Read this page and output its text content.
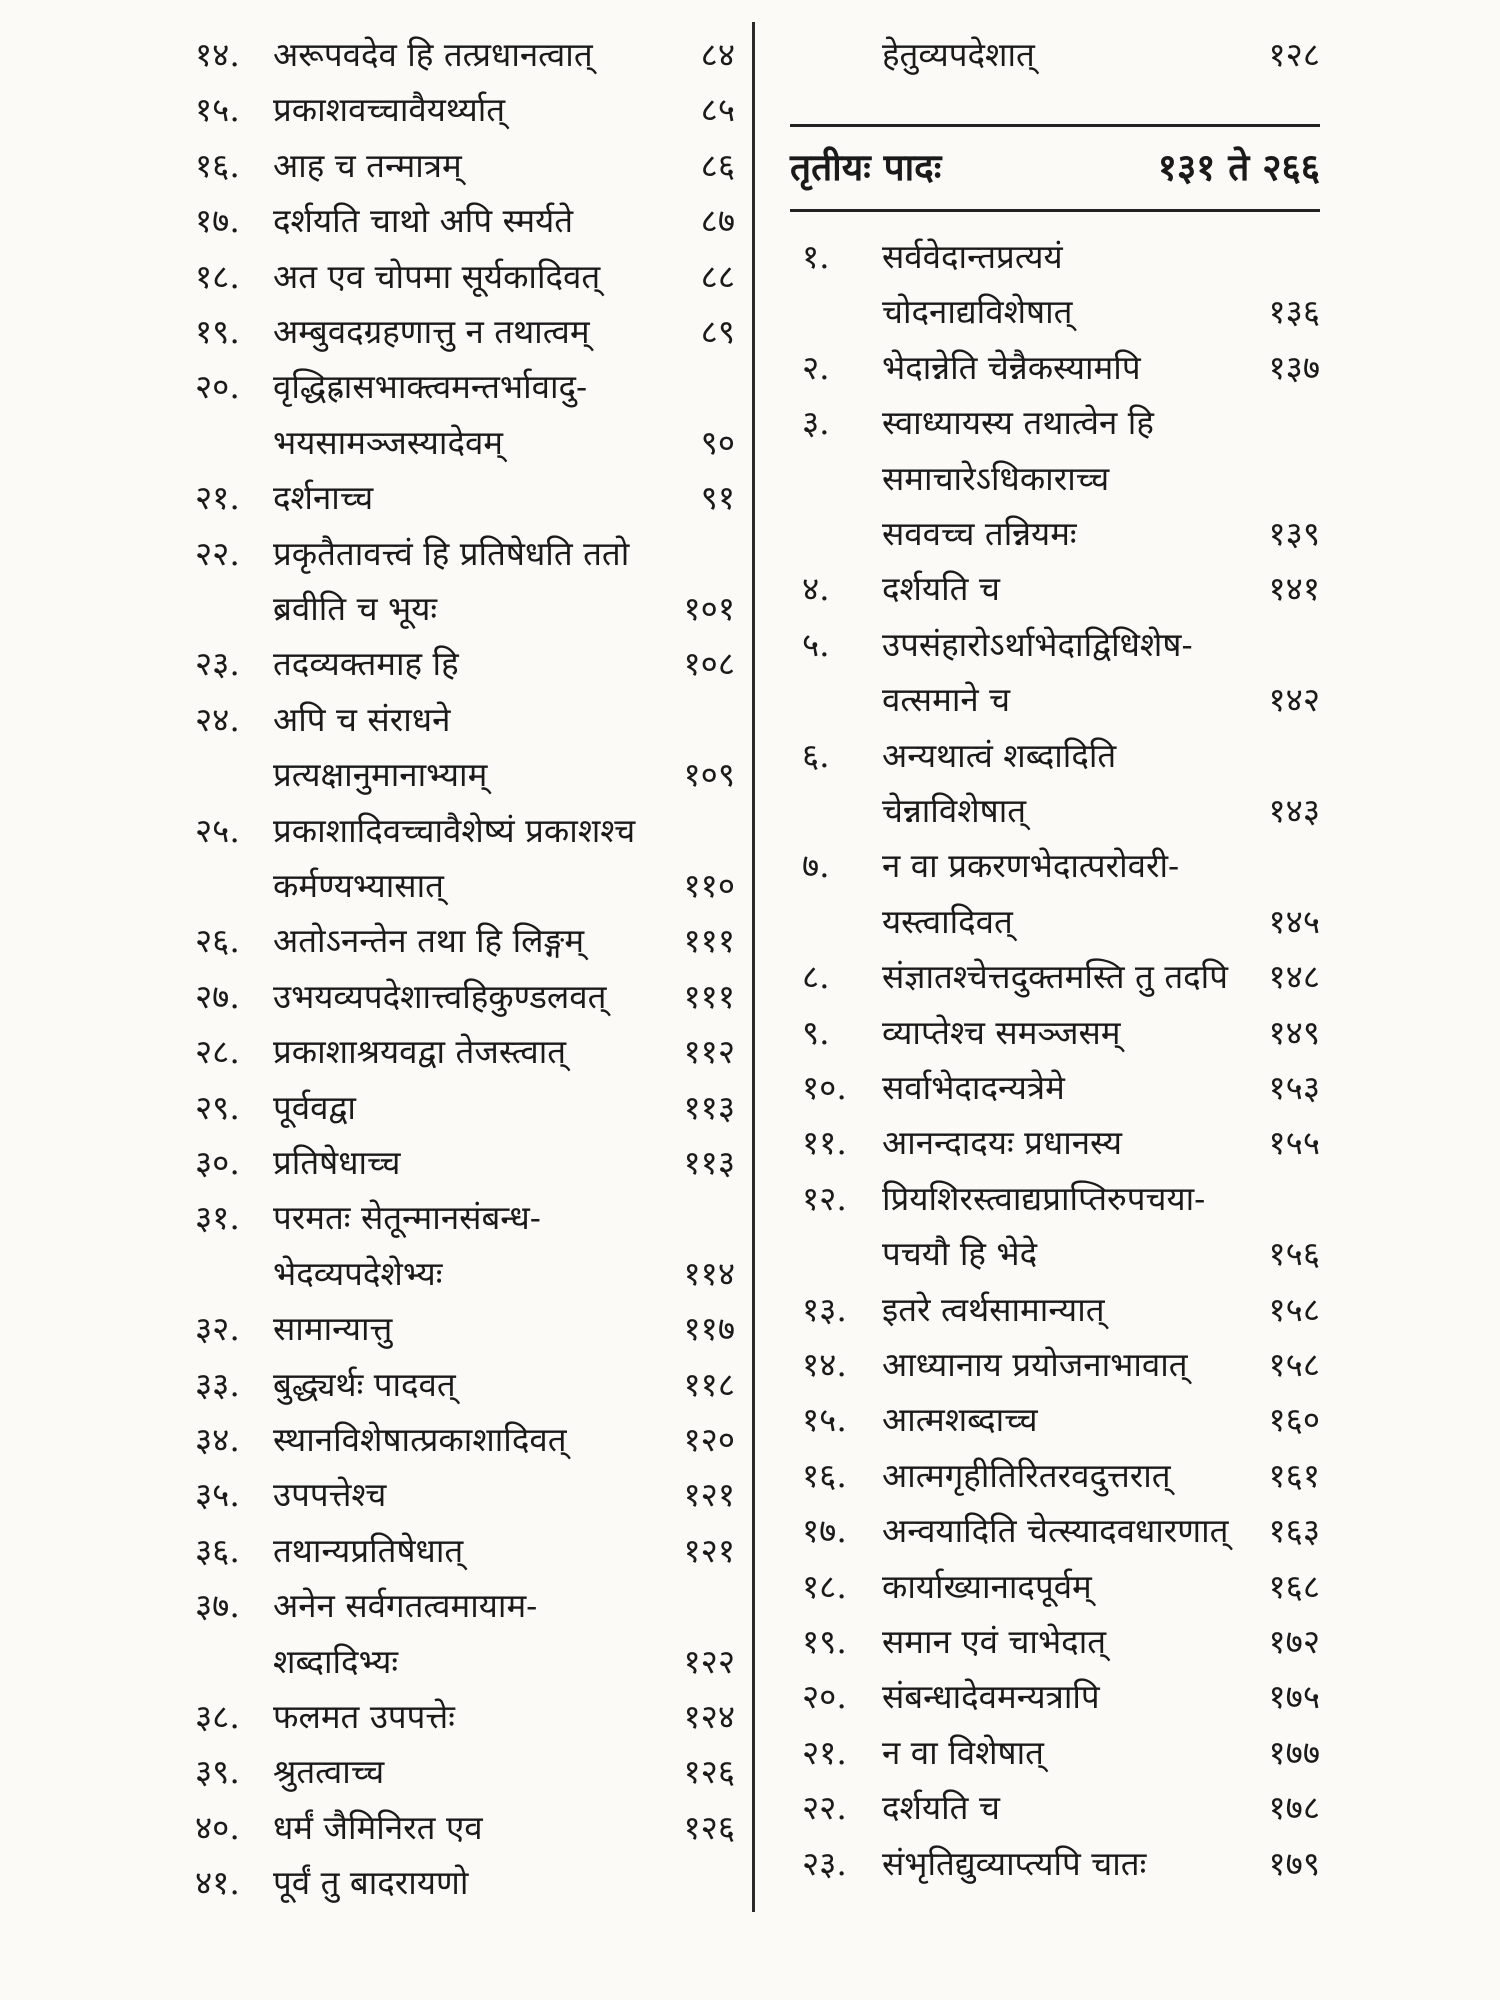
१४. अरूपवदेव हि तत्प्रधानत्वात्	८४
१५. प्रकाशवच्चावैयर्थ्यात्	८५
१६. आह च तन्मात्रम्	८६
१७. दर्शयति चाथो अपि स्मर्यते	८७
१८. अत एव चोपमा सूर्यकादिवत्	८८
१९. अम्बुवदग्रहणात्तु न तथात्वम्	८९
२०. वृद्धिह्रासभाक्त्वमन्तर्भावादु-
भयसामञ्जस्यादेवम्	९०
२१. दर्शनाच्च	९१
२२. प्रकृतैतावत्त्वं हि प्रतिषेधति ततो
ब्रवीति च भूयः	१०१
२३. तदव्यक्तमाह हि	१०८
२४. अपि च संराधने
प्रत्यक्षानुमानाभ्याम्	१०९
२५. प्रकाशादिवच्चावैशेष्यं प्रकाशश्च
कर्मण्यभ्यासात्	११०
२६. अतोऽनन्तेन तथा हि लिङ्गम्	१११
२७. उभयव्यपदेशात्त्वहिकुण्डलवत् १११
२८. प्रकाशाश्रयवद्वा तेजस्त्वात्	११२
२९. पूर्ववद्वा	११३
३०. प्रतिषेधाच्च	११३
३१. परमतः सेतून्मानसंबन्ध-
भेदव्यपदेशेभ्यः	११४
३२. सामान्यात्तु	११७
३३. बुद्ध्यर्थः पादवत्	११८
३४. स्थानविशेषात्प्रकाशादिवत्	१२०
३५. उपपत्तेश्च	१२१
३६. तथान्यप्रतिषेधात्	१२१
३७. अनेन सर्वगतत्वमायाम-
शब्दादिभ्यः	१२२
३८. फलमत उपपत्तेः	१२४
३९. श्रुतत्वाच्च	१२६
४०. धर्मं जैमिनिरत एव	१२६
४१. पूर्वं तु बादरायणो
हेतुव्यपदेशात्	१२८
१. सर्ववेदान्तप्रत्ययं
चोदनाद्यविशेषात्	१३६
२. भेदान्नेति चेन्नैकस्यामपि	१३७
३. स्वाध्यायस्य तथात्वेन हि
समाचारेऽधिकाराच्च
सववच्च तन्नियमः	१३९
४. दर्शयति च	१४१
५. उपसंहारोऽर्थाभेदाद्विधिशेष-
वत्समाने च	१४२
६. अन्यथात्वं शब्दादिति
चेन्नाविशेषात्	१४३
७. न वा प्रकरणभेदात्परोवरी-
यस्त्वादिवत्	१४५
८. संज्ञातश्चेत्तदुक्तमस्ति तु तदपि १४८
९. व्याप्तेश्च समञ्जसम्	१४९
१०. सर्वाभेदादन्यत्रेमे	१५३
११. आनन्दादयः प्रधानस्य	१५५
१२. प्रियशिरस्त्वाद्यप्राप्तिरुपचया-
पचयौ हि भेदे	१५६
१३. इतरे त्वर्थसामान्यात्	१५८
१४. आध्यानाय प्रयोजनाभावात् १५८
१५. आत्मशब्दाच्च	१६०
१६. आत्मगृहीतिरितरवदुत्तरात्	१६१
१७. अन्वयादिति चेत्स्यादवधारणात् १६३
१८. कार्याख्यानादपूर्वम्	१६८
१९. समान एवं चाभेदात्	१७२
२०. संबन्धादेवमन्यत्रापि	१७५
२१. न वा विशेषात्	१७७
२२. दर्शयति च	१७८
२३. संभृतिद्युव्याप्त्यपि चातः	१७९
तृतीयः पादः	१३१ ते २६६
